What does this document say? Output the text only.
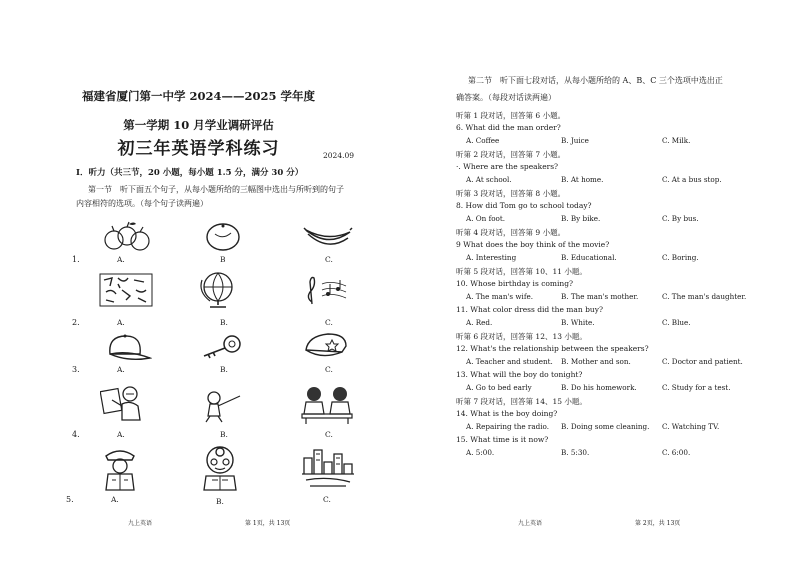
福建省厦门第一中学 2024——2025 学年度
第一学期 10 月学业调研评估
初三年英语学科练习	2024.09
Ⅰ．听力（共三节，20 小题，每小题 1.5 分，满分 30 分）
第一节　听下面五个句子，从每小题所给的三幅图中选出与所听到的句子
内容相符的选项。（每个句子读两遍）
1.	A.	B	C.
2.	A.	B.	C.
3.	A.	B.	C.
4.	A.	B.	C.
5.	A.	B.	C.
九上英语	第 1页，共 13页
第二节　听下面七段对话，从每小题所给的 A、B、C 三个选项中选出正
确答案。（每段对话读两遍）
听第 1 段对话，回答第 6 小题。
6. What did the man order?
A. Coffee	B. Juice	C. Milk.
听第 2 段对话，回答第 7 小题。
·. Where are the speakers?
A. At school.	B. At home.	C. At a bus stop.
听第 3 段对话，回答第 8 小题。
8. How did Tom go to school today?
A. On foot.	B. By bike.	C. By bus.
听第 4 段对话，回答第 9 小题。
9 What does the boy think of the movie?
A. Interesting	B. Educational.	C. Boring.
听第 5 段对话，回答第 10、11 小题。
10. Whose birthday is coming?
A. The man's wife.	B. The man's mother.	C. The man's daughter.
11. What color dress did the man buy?
A. Red.	B. White.	C. Blue.
听第 6 段对话，回答第 12、13 小题。
12. What's the relationship between the speakers?
A. Teacher and student. B. Mother and son.	C. Doctor and patient.
13. What will the boy do tonight?
A. Go to bed early	B. Do his homework.	C. Study for a test.
听第 7 段对话，回答第 14、15 小题。
14. What is the boy doing?
A. Repairing the radio. B. Doing some cleaning. C. Watching TV.
15. What time is it now?
A. 5:00.	B. 5:30.	C. 6:00.
九上英语	第 2页，共 13页
